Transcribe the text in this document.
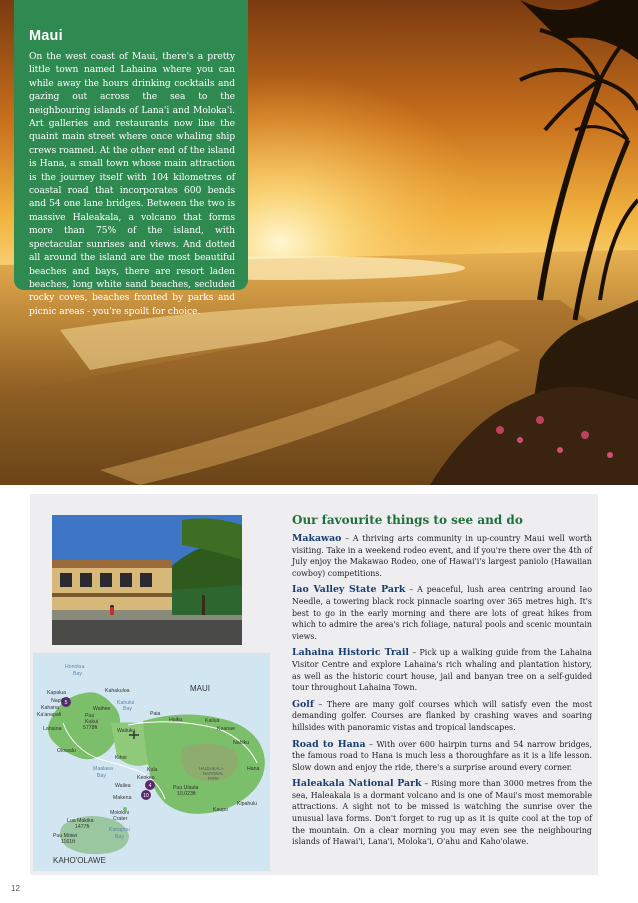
Maui

On the west coast of Maui, there's a pretty little town named Lahaina where you can while away the hours drinking cocktails and gazing out across the sea to the neighbouring islands of Lana'i and Moloka'i. Art galleries and restaurants now line the quaint main street where once whaling ship crews roamed. At the other end of the island is Hana, a small town whose main attraction is the journey itself with 104 kilometres of coastal road that incorporates 600 bends and 54 one lane bridges. Between the two is massive Haleakala, a volcano that forms more than 75% of the island, with spectacular sunrises and views. And dotted all around the island are the most beautiful beaches and bays, there are resort laden beaches, long white sand beaches, secluded rocky coves, beaches fronted by parks and picnic areas - you're spoilt for choice.

Honolua
Bay
Kapalua
Napili
Kahana
Ka'anapali
Lahaina
Kahakuloa
Kahului
Bay
Waihee
Puu
Kukui
5778ft	Wailuku
Paia
Haiku	Kailua
Keanae
Nahiku
Hana
Olowalu
Kihei
Maalaea
Bay
Kula
Keokea
Puu Ulaula
10,023ft
HALEAKALA
NATIONAL
PARK
Wailea
Makena
Kipahulu
Kaupo
Molokini
Crater
Kanapou
Bay
Lua Makika
1477ft
Puu Moiwi
1161ft
MAUI
KAHO'OLAWE
5
4
10
Our favourite things to see and do

Makawao – A thriving arts community in up-country Maui well worth visiting. Take in a weekend rodeo event, and if you're there over the 4th of July enjoy the Makawao Rodeo, one of Hawai'i's largest paniolo (Hawaiian cowboy) competitions.

Iao Valley State Park – A peaceful, lush area centring around Iao Needle, a towering black rock pinnacle soaring over 365 metres high. It's best to go in the early morning and there are lots of great hikes from which to admire the area's rich foliage, natural pools and scenic mountain views.

Lahaina Historic Trail – Pick up a walking guide from the Lahaina Visitor Centre and explore Lahaina's rich whaling and plantation history, as well as the historic court house, jail and banyan tree on a self-guided tour throughout Lahaina Town.

Golf – There are many golf courses which will satisfy even the most demanding golfer. Courses are flanked by crashing waves and soaring hillsides with panoramic vistas and tropical landscapes.

Road to Hana – With over 600 hairpin turns and 54 narrow bridges, the famous road to Hana is much less a thoroughfare as it is a life lesson. Slow down and enjoy the ride, there's a surprise around every corner.

Haleakala National Park – Rising more than 3000 metres from the sea, Haleakala is a dormant volcano and is one of Maui's most memorable attractions. A sight not to be missed is watching the sunrise over the unusual lava forms. Don't forget to rug up as it is quite cool at the top of the mountain. On a clear morning you may even see the neighbouring islands of Hawai'i, Lana'i, Moloka'i, O'ahu and Kaho'olawe.

12
